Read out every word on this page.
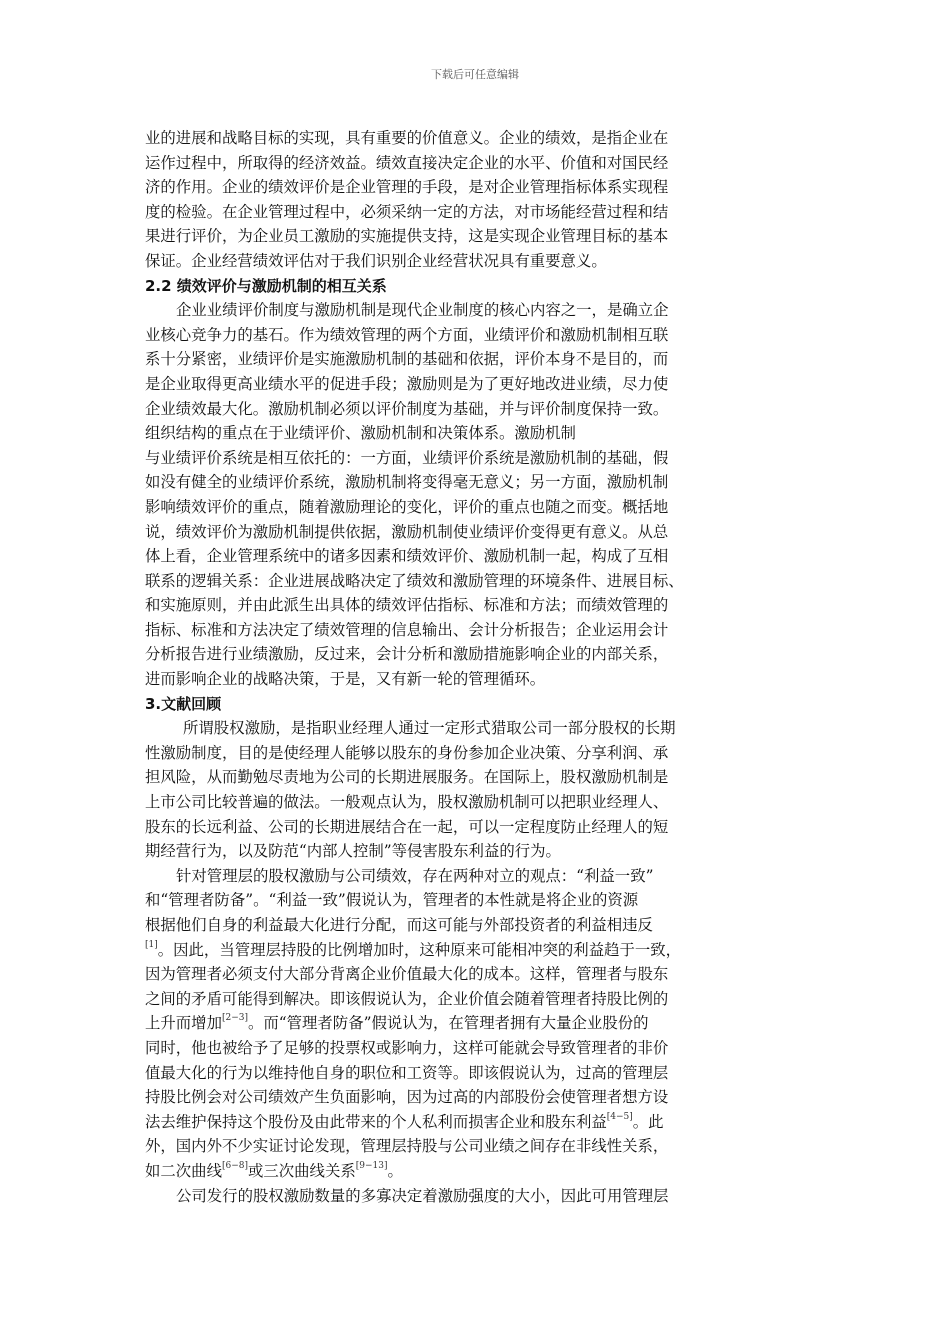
下载后可任意编辑
业的进展和战略目标的实现，具有重要的价值意义。企业的绩效，是指企业在
运作过程中，所取得的经济效益。绩效直接决定企业的水平、价值和对国民经
济的作用。企业的绩效评价是企业管理的手段，是对企业管理指标体系实现程
度的检验。在企业管理过程中，必须采纳一定的方法，对市场能经营过程和结
果进行评价，为企业员工激励的实施提供支持，这是实现企业管理目标的基本
保证。企业经营绩效评估对于我们识别企业经营状况具有重要意义。
2.2 绩效评价与激励机制的相互关系
企业业绩评价制度与激励机制是现代企业制度的核心内容之一，是确立企
业核心竞争力的基石。作为绩效管理的两个方面，业绩评价和激励机制相互联
系十分紧密，业绩评价是实施激励机制的基础和依据，评价本身不是目的，而
是企业取得更高业绩水平的促进手段；激励则是为了更好地改进业绩，尽力使
企业绩效最大化。激励机制必须以评价制度为基础，并与评价制度保持一致。
组织结构的重点在于业绩评价、激励机制和决策体系。激励机制
与业绩评价系统是相互依托的：一方面，业绩评价系统是激励机制的基础，假
如没有健全的业绩评价系统，激励机制将变得毫无意义；另一方面，激励机制
影响绩效评价的重点，随着激励理论的变化，评价的重点也随之而变。概括地
说，绩效评价为激励机制提供依据，激励机制使业绩评价变得更有意义。从总
体上看，企业管理系统中的诸多因素和绩效评价、激励机制一起，构成了互相
联系的逻辑关系：企业进展战略决定了绩效和激励管理的环境条件、进展目标、
和实施原则，并由此派生出具体的绩效评估指标、标准和方法；而绩效管理的
指标、标准和方法决定了绩效管理的信息输出、会计分析报告；企业运用会计
分析报告进行业绩激励，反过来，会计分析和激励措施影响企业的内部关系，
进而影响企业的战略决策，于是，又有新一轮的管理循环。
3.文献回顾
所谓股权激励，是指职业经理人通过一定形式猎取公司一部分股权的长期
性激励制度，目的是使经理人能够以股东的身份参加企业决策、分享利润、承
担风险，从而勤勉尽责地为公司的长期进展服务。在国际上，股权激励机制是
上市公司比较普遍的做法。一般观点认为，股权激励机制可以把职业经理人、
股东的长远利益、公司的长期进展结合在一起，可以一定程度防止经理人的短
期经营行为，以及防范“内部人控制”等侵害股东利益的行为。
针对管理层的股权激励与公司绩效，存在两种对立的观点：“利益一致”
和“管理者防备”。“利益一致”假说认为，管理者的本性就是将企业的资源
根据他们自身的利益最大化进行分配，而这可能与外部投资者的利益相违反
[1]。因此，当管理层持股的比例增加时，这种原来可能相冲突的利益趋于一致，
因为管理者必须支付大部分背离企业价值最大化的成本。这样，管理者与股东
之间的矛盾可能得到解决。即该假说认为，企业价值会随着管理者持股比例的
上升而增加[2−3]。而“管理者防备”假说认为，在管理者拥有大量企业股份的
同时，他也被给予了足够的投票权或影响力，这样可能就会导致管理者的非价
值最大化的行为以维持他自身的职位和工资等。即该假说认为，过高的管理层
持股比例会对公司绩效产生负面影响，因为过高的内部股份会使管理者想方设
法去维护保持这个股份及由此带来的个人私利而损害企业和股东利益[4−5]。此
外，国内外不少实证讨论发现，管理层持股与公司业绩之间存在非线性关系，
如二次曲线[6−8]或三次曲线关系[9−13]。
公司发行的股权激励数量的多寡决定着激励强度的大小，因此可用管理层
